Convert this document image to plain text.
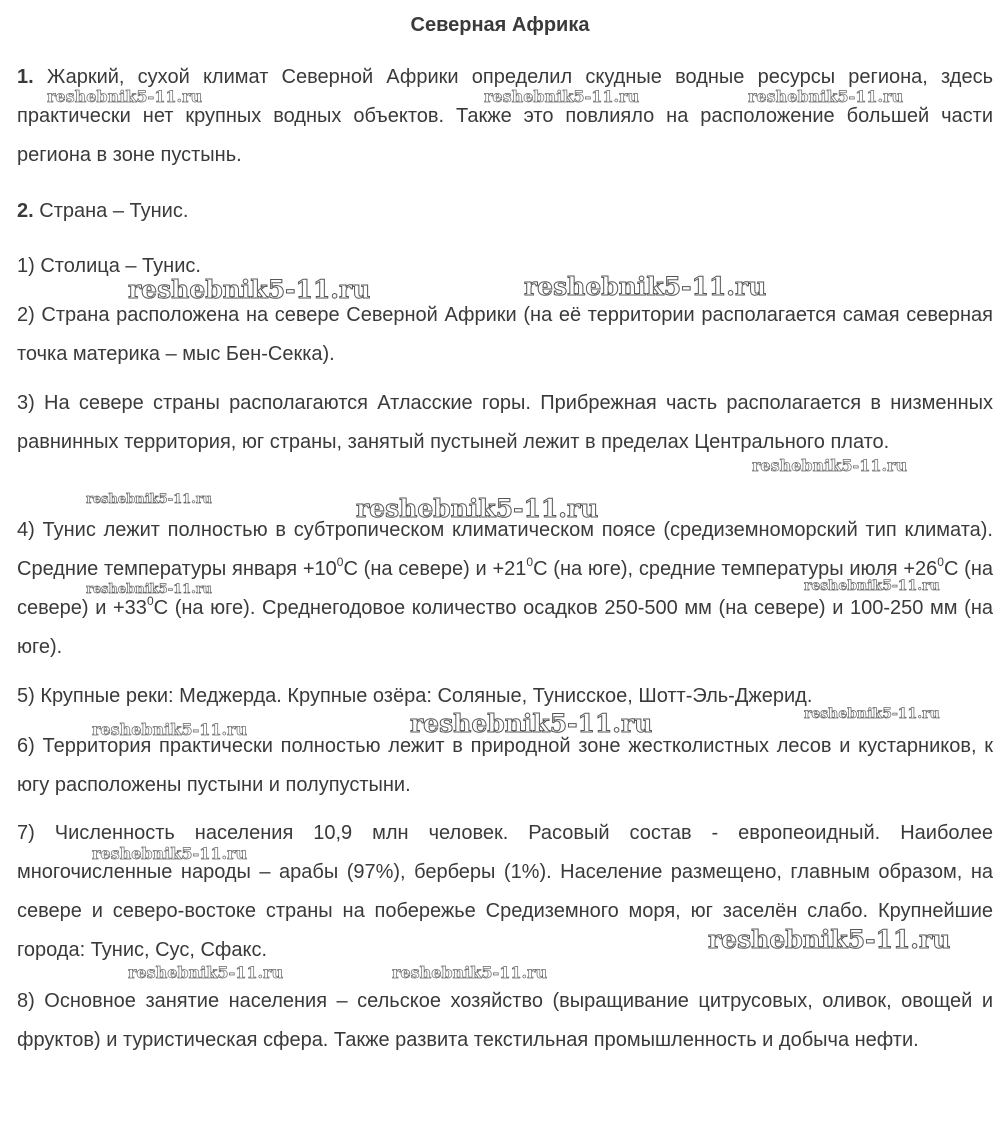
Северная Африка
1. Жаркий, сухой климат Северной Африки определил скудные водные ресурсы региона, здесь практически нет крупных водных объектов. Также это повлияло на расположение большей части региона в зоне пустынь.
2. Страна – Тунис.
1) Столица – Тунис.
2) Страна расположена на севере Северной Африки (на её территории располагается самая северная точка материка – мыс Бен-Секка).
3) На севере страны располагаются Атласские горы. Прибрежная часть располагается в низменных равнинных территория, юг страны, занятый пустыней лежит в пределах Центрального плато.
4) Тунис лежит полностью в субтропическом климатическом поясе (средиземноморский тип климата). Средние температуры января $+10^0С$ (на севере) $и +21^0С$ (на юге), средние температуры июля $+26^0С$ (на севере) $и +33^0С$ (на юге). Среднегодовое количество осадков 250-500 мм (на севере) и 100-250 мм (на юге).
5) Крупные реки: Меджерда. Крупные озёра: Соляные, Тунисское, Шотт-Эль-Джерид.
6) Территория практически полностью лежит в природной зоне жестколистных лесов и кустарников, к югу расположены пустыни и полупустыни.
7) Численность населения 10,9 млн человек. Расовый состав - европеоидный. Наиболее многочисленные народы – арабы (97%), берберы (1%). Население размещено, главным образом, на севере и северо-востоке страны на побережье Средиземного моря, юг заселён слабо. Крупнейшие города: Тунис, Сус, Сфакс.
8) Основное занятие населения – сельское хозяйство (выращивание цитрусовых, оливок, овощей и фруктов) и туристическая сфера. Также развита текстильная промышленность и добыча нефти.
reshebnik5-11.ru	reshebnik5-11.ru	reshebnik5-11.ru
reshebnik5-11.ru	reshebnik5-11.ru
reshebnik5-11.ru
reshebnik5-11.ru	reshebnik5-11.ru
reshebnik5-11.ru	reshebnik5-11.ru
reshebnik5-11.ru	reshebnik5-11.ru	reshebnik5-11.ru
reshebnik5-11.ru
reshebnik5-11.ru
reshebnik5-11.ru	reshebnik5-11.ru
